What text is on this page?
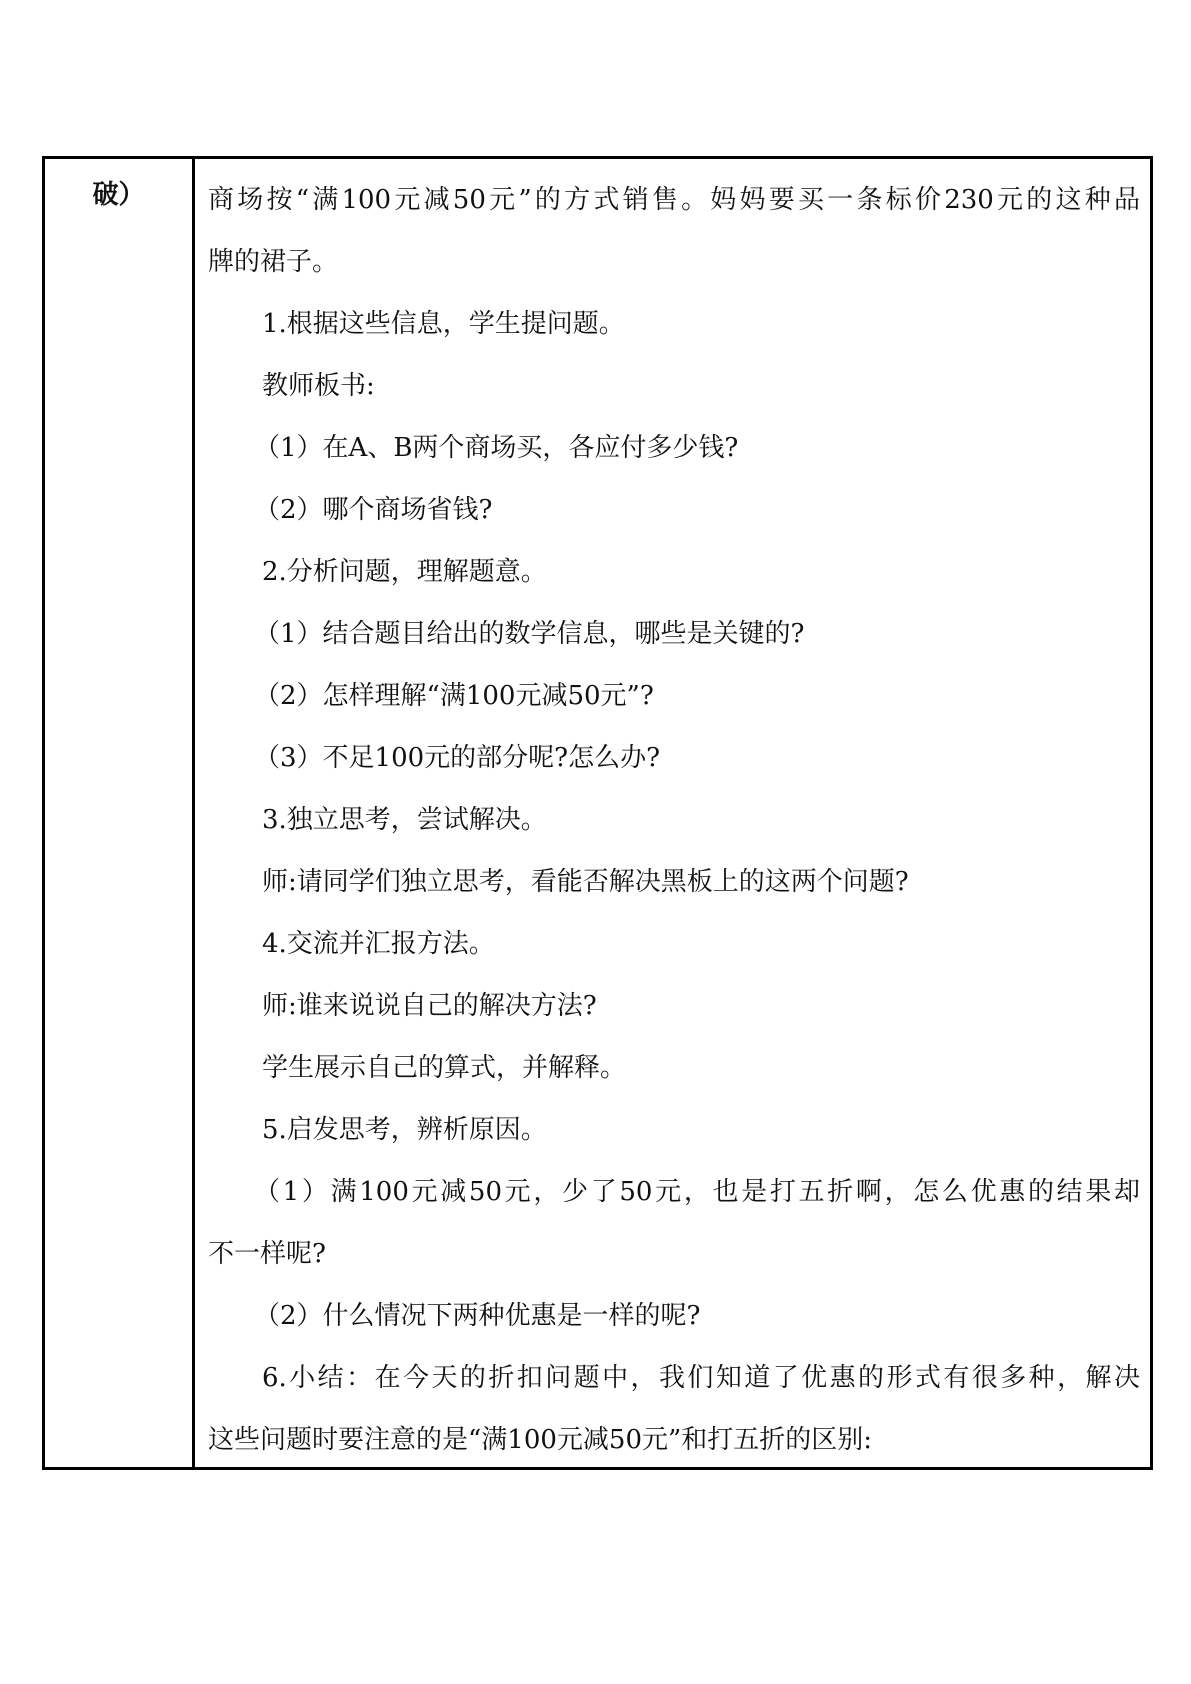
破）	商场按“满100元减50元”的方式销售。妈妈要买一条标价230元的这种品
牌的裙子。
1.根据这些信息，学生提问题。
教师板书:
（1）在A、B两个商场买，各应付多少钱?
（2）哪个商场省钱?
2.分析问题，理解题意。
（1）结合题目给出的数学信息，哪些是关键的?
（2）怎样理解“满100元减50元”?
（3）不足100元的部分呢?怎么办?
3.独立思考，尝试解决。
师:请同学们独立思考，看能否解决黑板上的这两个问题?
4.交流并汇报方法。
师:谁来说说自己的解决方法?
学生展示自己的算式，并解释。
5.启发思考，辨析原因。
（1）满100元减50元，少了50元，也是打五折啊，怎么优惠的结果却
不一样呢?
（2）什么情况下两种优惠是一样的呢?
6.小结：在今天的折扣问题中，我们知道了优惠的形式有很多种，解决
这些问题时要注意的是“满100元减50元”和打五折的区别:
